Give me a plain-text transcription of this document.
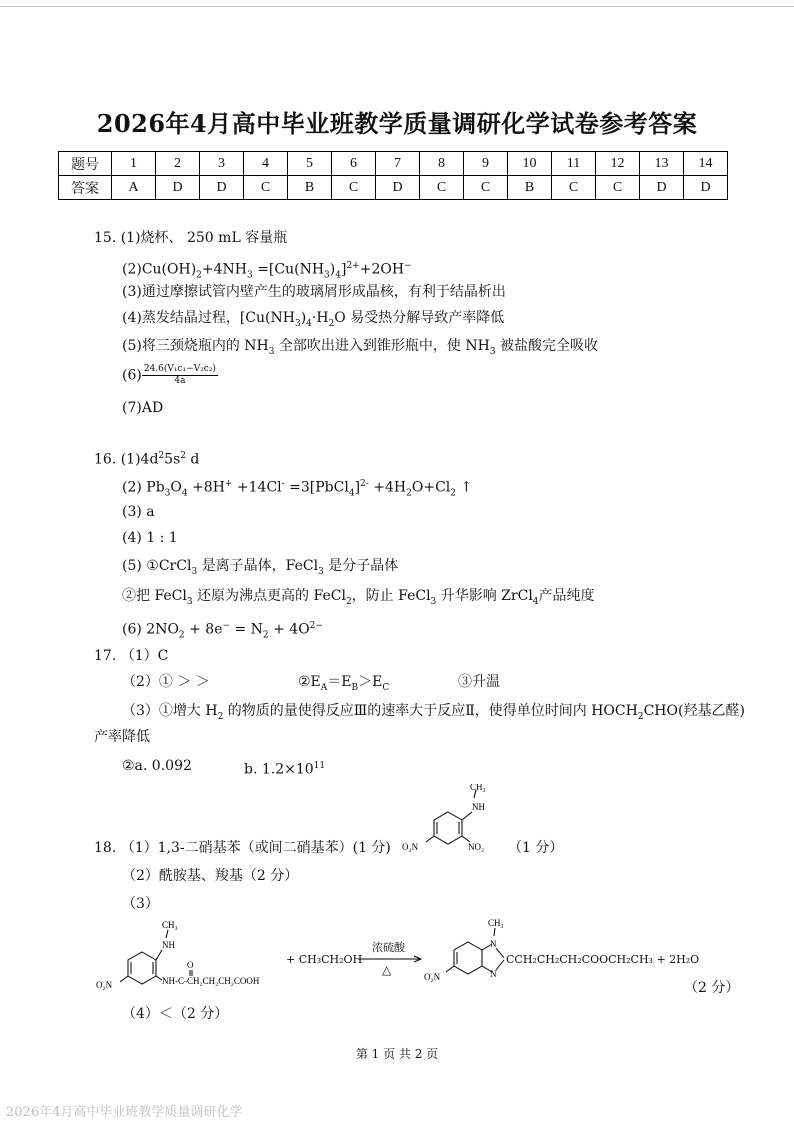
2026年4月高中毕业班教学质量调研化学试卷参考答案
题号	1	2	3	4	5	6	7	8	9	10	11	12	13	14
答案	A	D	D	C	B	C	D	C	C	B	C	C	D	D
15. (1)烧杯、 250 mL 容量瓶
$(2)Cu(OH)_2+4NH_3 =[Cu(NH_3)_4]^{2+}+2OH^-$
(3)通过摩擦试管内壁产生的玻璃屑形成晶核，有利于结晶析出
(4)蒸发结晶过程，[$Cu(NH_3)_4\cdot H_2O$ 易受热分解导致产率降低
(5)将三颈烧瓶内的 $NH_3$ 全部吹出进入到锥形瓶中，使 $NH_3$ 被盐酸完全吸收
$(6) \frac{\text{24.6(V₁c₁−V₂c₂)}}{4a}$
(7)AD
16. $(1)4d^25s^2$ d
(2) $Pb_3O_4 +8H^+ +14Cl^-$ =3[PbCl$_4$]$^{2-}$ $+4H_2O+Cl_2$ ↑
(3) a
(4) 1 : 1
(5) ①CrCl$_3$ 是离子晶体，FeCl$_3$ 是分子晶体
②把 FeCl$_3$ 还原为沸点更高的 FeCl$_2$，防止 FeCl$_3$ 升华影响 ZrCl$_4$产品纯度
(6) $2NO_2 + 8e^- = N_2 + 4O^{2-}$
17. （1）C
（2）① ＞ ＞	$②E_A=E_B>E_C$	③升温
（3）①增大 $H_2$ 的物质的量使得反应Ⅲ的速率大于反应Ⅱ，使得单位时间内 $HOCH_2CHO$(羟基乙醛)
产率降低
②a. 0.092	b. $1.2\times 10^{11}$
18. （1）1,3-二硝基苯（或间二硝基苯）(1 分)
CH₃
NH
O₂N	NO₂ （1 分）
（2）酰胺基、羧基（2 分）
（3）
CH₃
NH
O
NH-C-CH₂CH₂CH₂COOH
O₂N
+ CH₃CH₂OH
浓硫酸
△
CH₃
N
N
O₂N
CCH₂CH₂CH₂COOCH₂CH₃ + 2H₂O
（2 分）
（4）＜（2 分）
第 1 页 共 2 页
2026年4月高中毕业班教学质量调研化学
